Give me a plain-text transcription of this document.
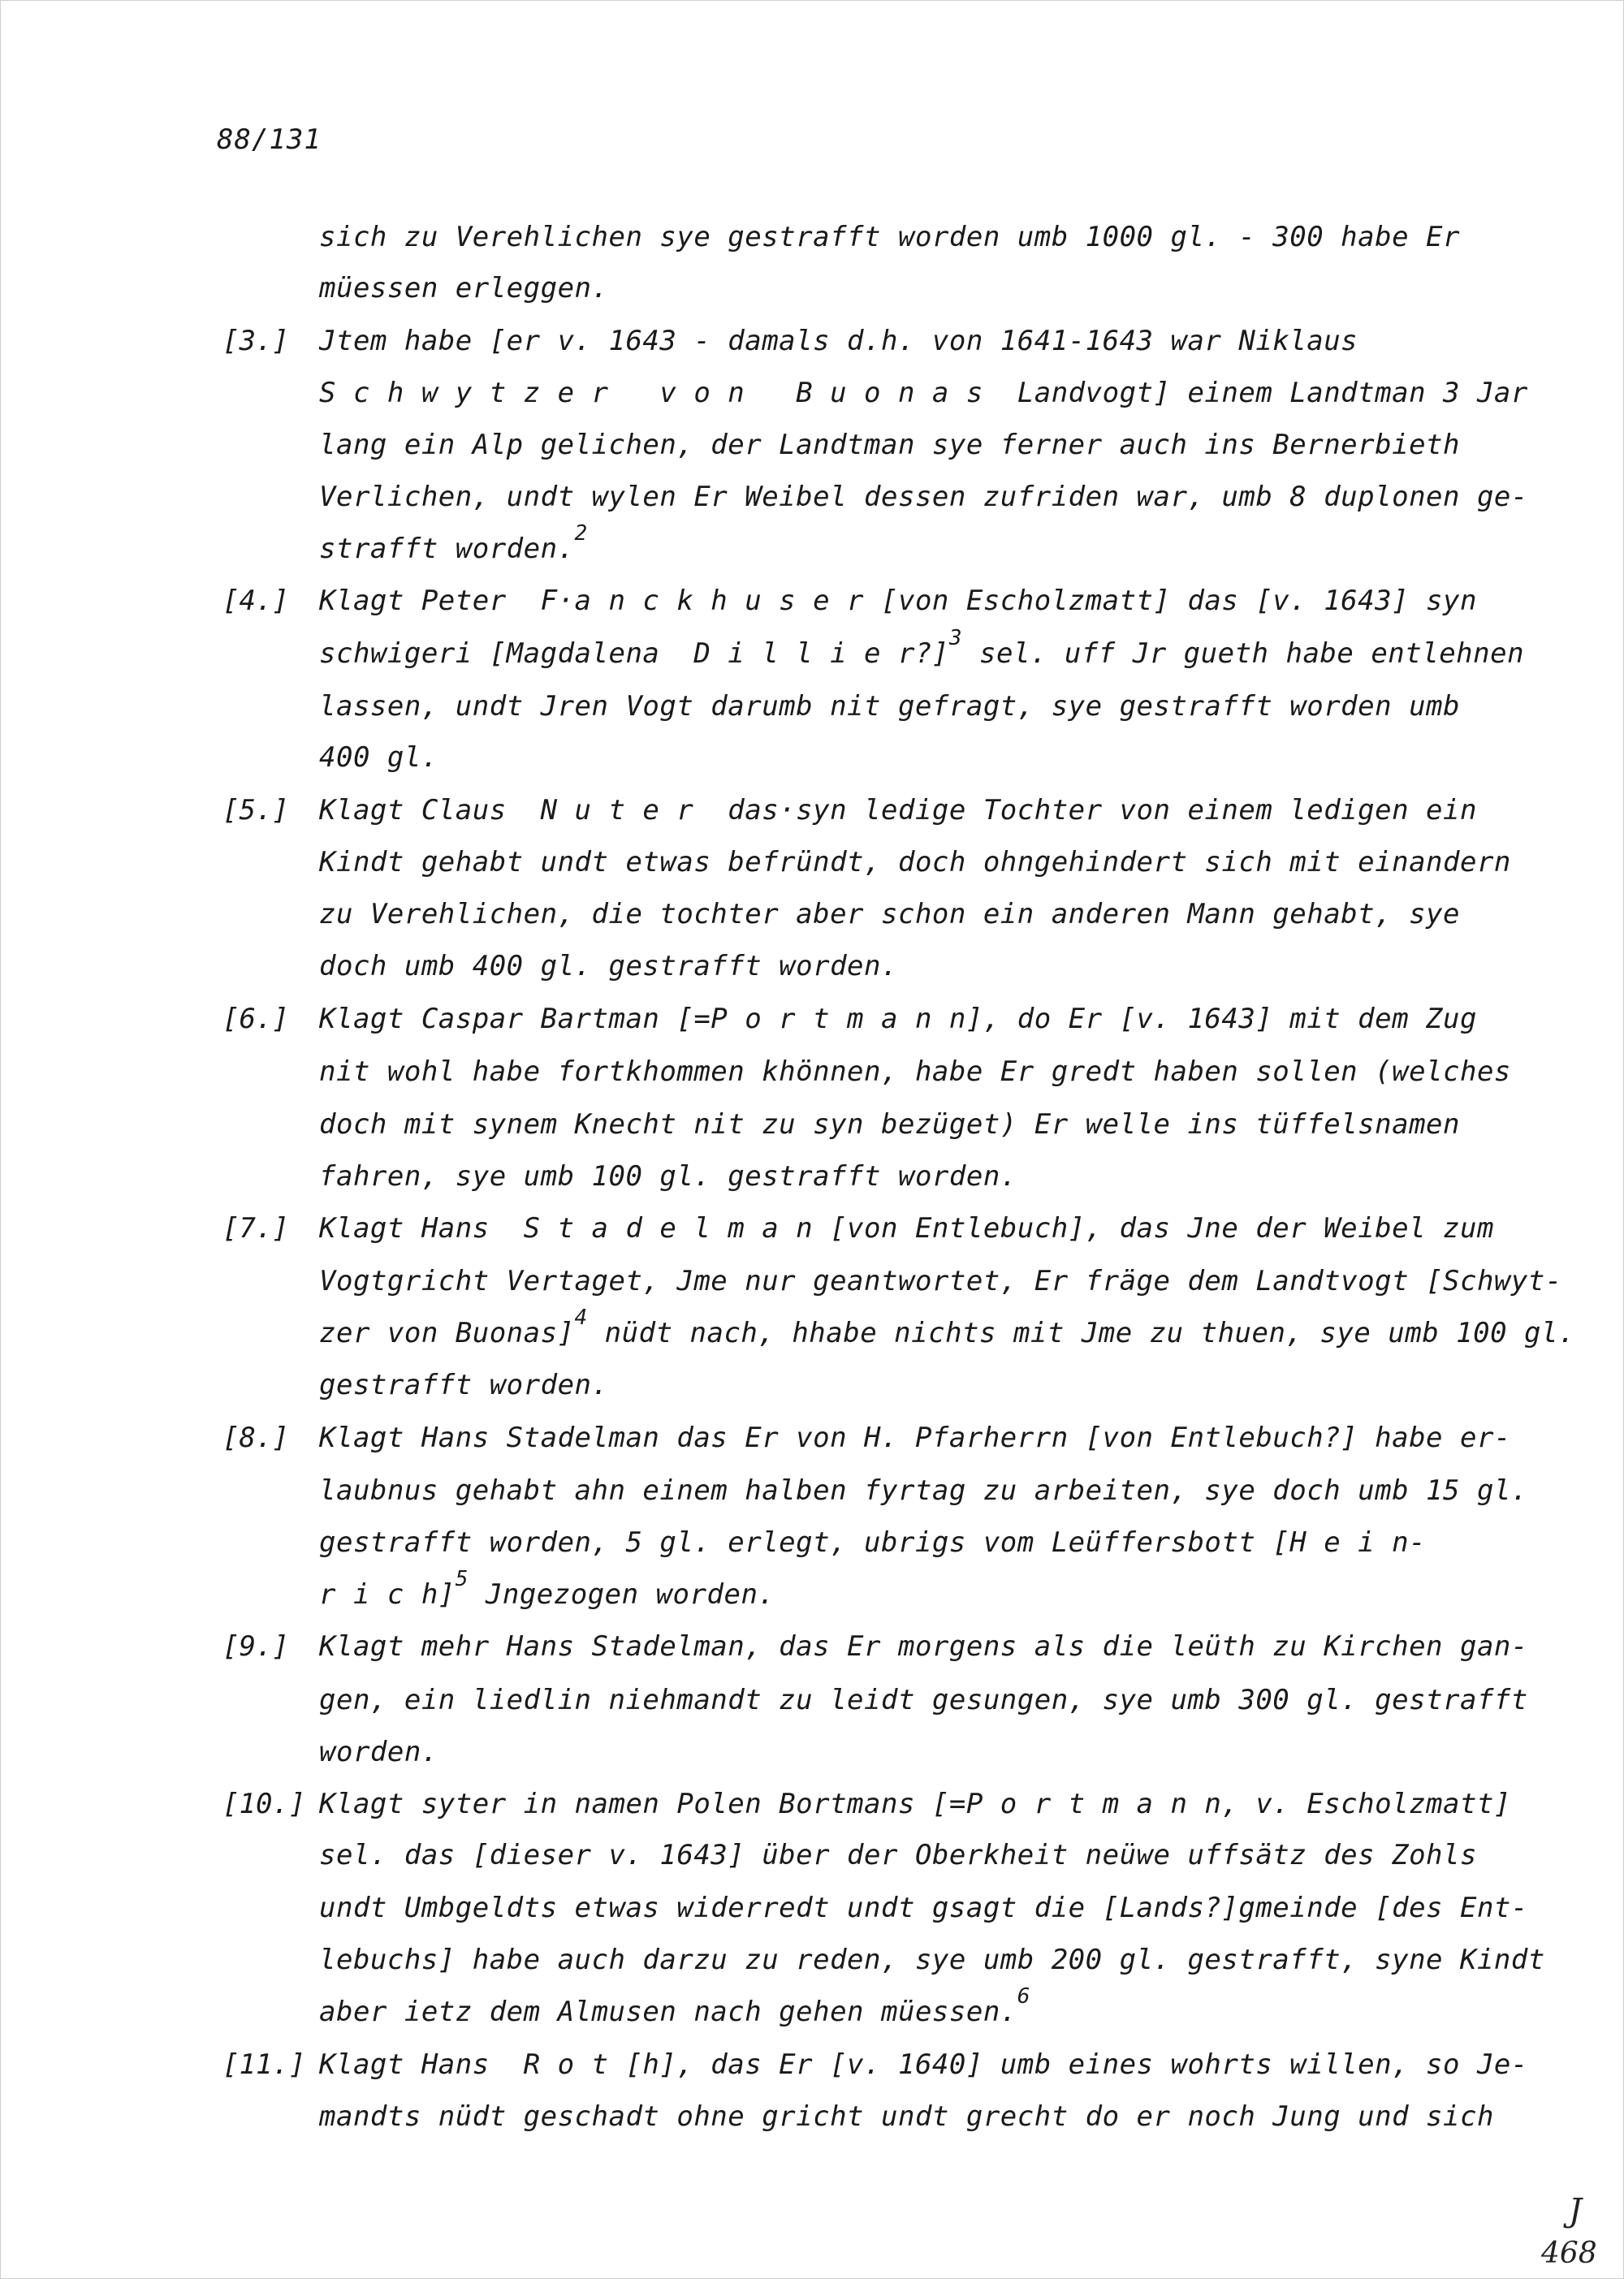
88/131
sich zu Verehlichen sye gestrafft worden umb 1000 gl. - 300 habe Er
müessen erleggen.
[3.]	Jtem habe [er v. 1643 - damals d.h. von 1641-1643 war Niklaus
S c h w y t z e r   v o n   B u o n a s  Landvogt] einem Landtman 3 Jar
lang ein Alp gelichen, der Landtman sye ferner auch ins Bernerbieth
Verlichen, undt wylen Er Weibel dessen zufriden war, umb 8 duplonen ge-
strafft worden.$^2$
[4.]	Klagt Peter  F·a n c k h u s e r [von Escholzmatt] das [v. 1643] syn
schwigeri [Magdalena  D i l l i e r?]$^3$ sel. uff Jr gueth habe entlehnen
lassen, undt Jren Vogt darumb nit gefragt, sye gestrafft worden umb
400 gl.
[5.]	Klagt Claus  N u t e r  das·syn ledige Tochter von einem ledigen ein
Kindt gehabt undt etwas befründt, doch ohngehindert sich mit einandern
zu Verehlichen, die tochter aber schon ein anderen Mann gehabt, sye
doch umb 400 gl. gestrafft worden.
[6.]	Klagt Caspar Bartman [=P o r t m a n n], do Er [v. 1643] mit dem Zug
nit wohl habe fortkhommen khönnen, habe Er gredt haben sollen (welches
doch mit synem Knecht nit zu syn bezüget) Er welle ins tüffelsnamen
fahren, sye umb 100 gl. gestrafft worden.
[7.]	Klagt Hans  S t a d e l m a n [von Entlebuch], das Jne der Weibel zum
Vogtgricht Vertaget, Jme nur geantwortet, Er fräge dem Landtvogt [Schwyt-
zer von Buonas]$^4$ nüdt nach, hhabe nichts mit Jme zu thuen, sye umb 100 gl.
gestrafft worden.
[8.]	Klagt Hans Stadelman das Er von H. Pfarherrn [von Entlebuch?] habe er-
laubnus gehabt ahn einem halben fyrtag zu arbeiten, sye doch umb 15 gl.
gestrafft worden, 5 gl. erlegt, ubrigs vom Leüffersbott [H e i n-
r i c h]$^5$ Jngezogen worden.
[9.]	Klagt mehr Hans Stadelman, das Er morgens als die leüth zu Kirchen gan-
gen, ein liedlin niehmandt zu leidt gesungen, sye umb 300 gl. gestrafft
worden.
[10.] Klagt syter in namen Polen Bortmans [=P o r t m a n n, v. Escholzmatt]
sel. das [dieser v. 1643] über der Oberkheit neüwe uffsätz des Zohls
undt Umbgeldts etwas widerredt undt gsagt die [Lands?]gmeinde [des Ent-
lebuchs] habe auch darzu zu reden, sye umb 200 gl. gestrafft, syne Kindt
aber ietz dem Almusen nach gehen müessen.$^6$
[11.] Klagt Hans  R o t [h], das Er [v. 1640] umb eines wohrts willen, so Je-
mandts nüdt geschadt ohne gricht undt grecht do er noch Jung und sich
J
468
